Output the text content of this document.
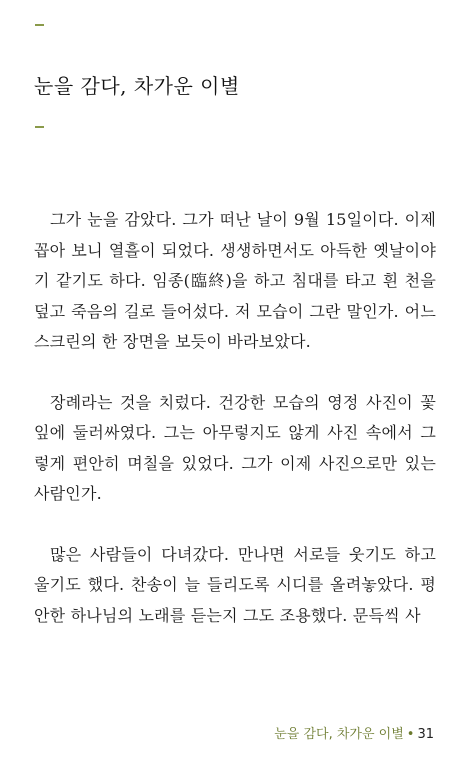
눈을 감다, 차가운 이별

그가 눈을 감았다. 그가 떠난 날이 9월 15일이다. 이제 꼽아 보니 열흘이 되었다. 생생하면서도 아득한 옛날이야기 같기도 하다. 임종(臨終)을 하고 침대를 타고 흰 천을 덮고 죽음의 길로 들어섰다. 저 모습이 그란 말인가. 어느 스크린의 한 장면을 보듯이 바라보았다.

장례라는 것을 치렀다. 건강한 모습의 영정 사진이 꽃잎에 둘러싸였다. 그는 아무렇지도 않게 사진 속에서 그렇게 편안히 며칠을 있었다. 그가 이제 사진으로만 있는 사람인가.

많은 사람들이 다녀갔다. 만나면 서로들 웃기도 하고 울기도 했다. 찬송이 늘 들리도록 시디를 올려놓았다. 평안한 하나님의 노래를 듣는지 그도 조용했다. 문득씩 사

눈을 감다, 차가운 이별 • 31
